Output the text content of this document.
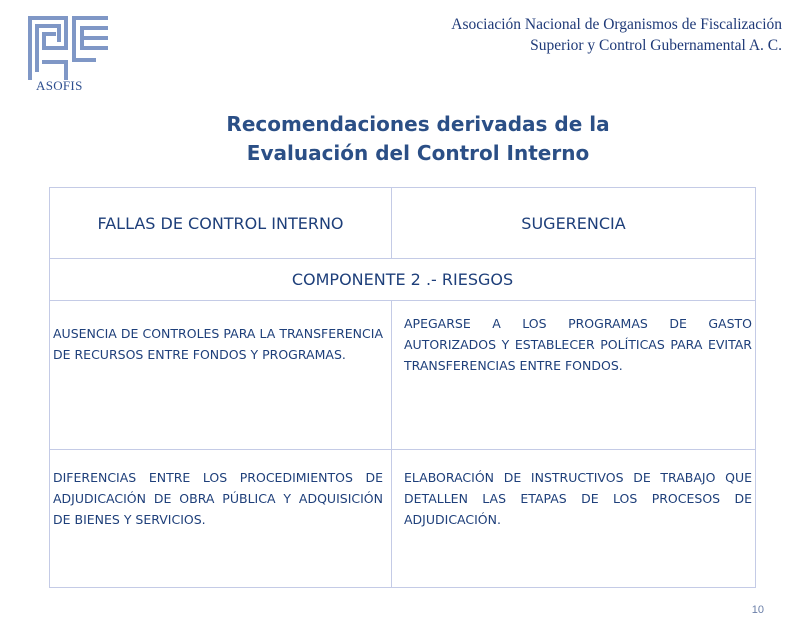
ASOFIS
Asociación Nacional de Organismos de Fiscalización
Superior y Control Gubernamental A. C.
Recomendaciones derivadas de la
Evaluación del Control Interno
FALLAS DE CONTROL INTERNO	SUGERENCIA
COMPONENTE 2 .- RIESGOS	
AUSENCIA DE CONTROLES PARA LA TRANSFERENCIA DE RECURSOS ENTRE FONDOS Y PROGRAMAS.	APEGARSE A LOS PROGRAMAS DE GASTO AUTORIZADOS Y ESTABLECER POLÍTICAS PARA EVITAR TRANSFERENCIAS ENTRE FONDOS.
DIFERENCIAS ENTRE LOS PROCEDIMIENTOS DE ADJUDICACIÓN DE OBRA PÚBLICA Y ADQUISICIÓN DE BIENES Y SERVICIOS.	ELABORACIÓN DE INSTRUCTIVOS DE TRABAJO QUE DETALLEN LAS ETAPAS DE LOS PROCESOS DE ADJUDICACIÓN.
10
